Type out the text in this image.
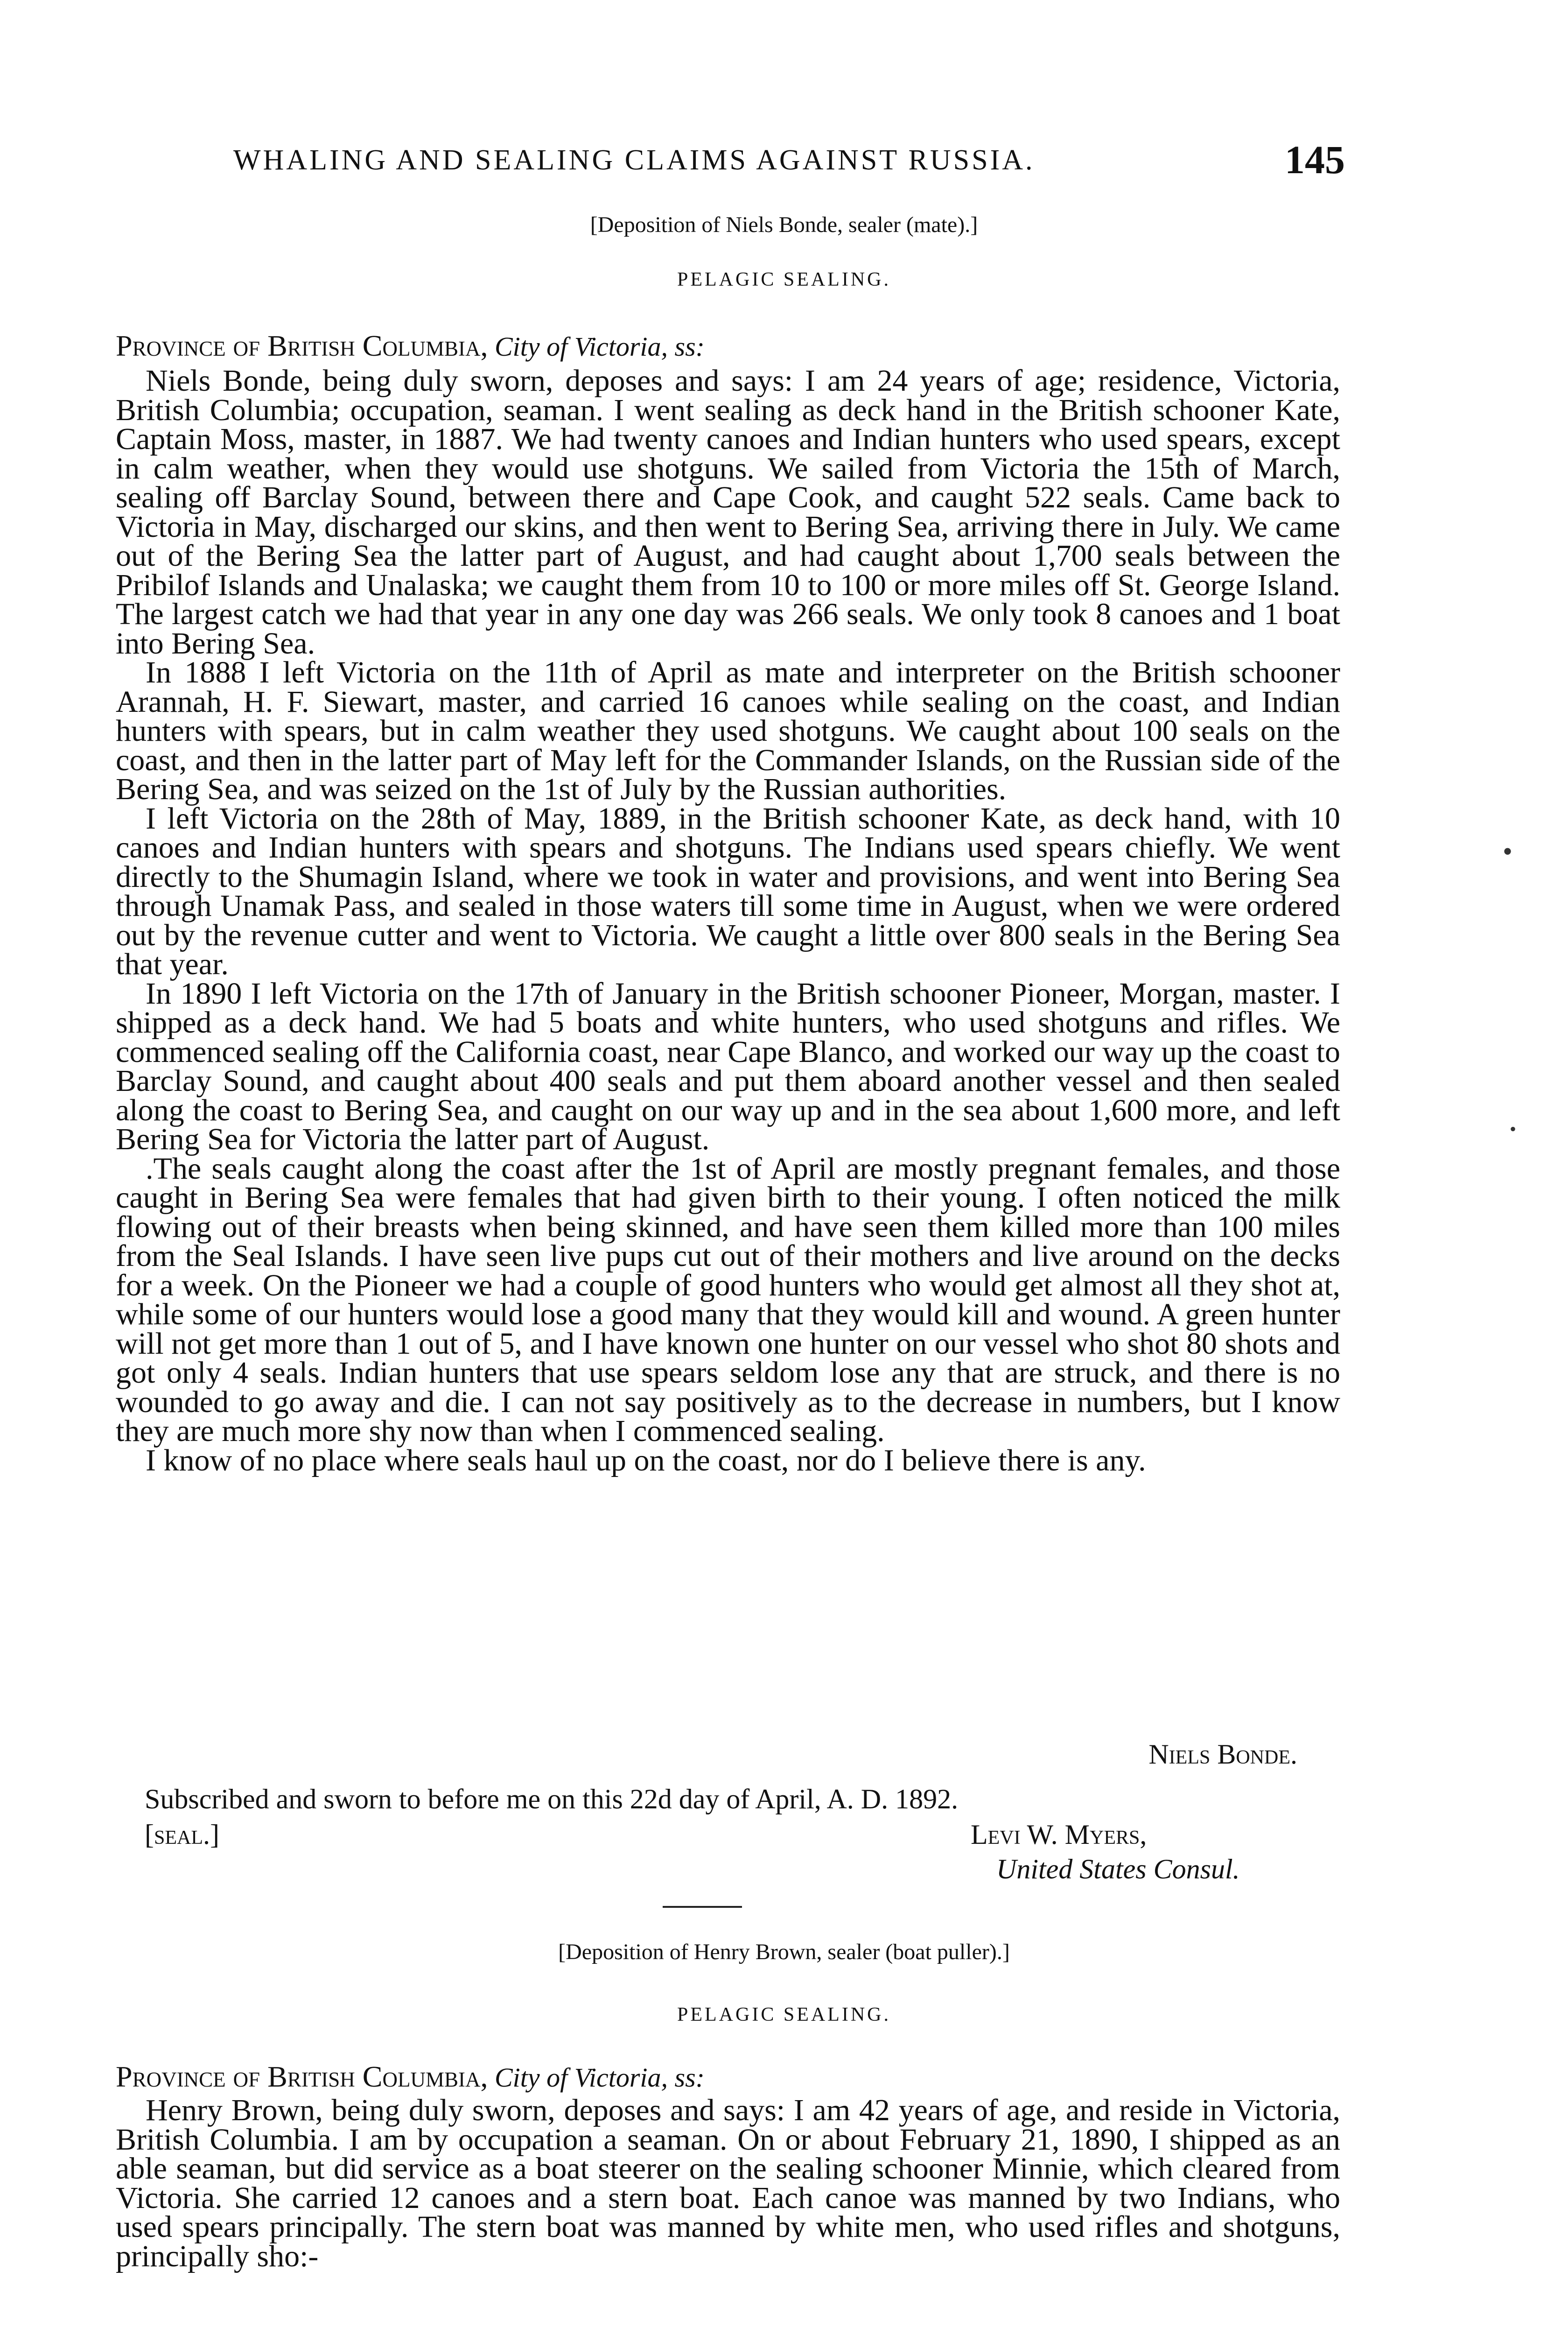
WHALING AND SEALING CLAIMS AGAINST RUSSIA.	145
[Deposition of Niels Bonde, sealer (mate).]
PELAGIC SEALING.
Province of British Columbia, City of Victoria, ss:

Niels Bonde, being duly sworn, deposes and says: I am 24 years of age; residence, Victoria, British Columbia; occupation, seaman. I went sealing as deck hand in the British schooner Kate, Captain Moss, master, in 1887. We had twenty canoes and Indian hunters who used spears, except in calm weather, when they would use shotguns. We sailed from Victoria the 15th of March, sealing off Barclay Sound, between there and Cape Cook, and caught 522 seals. Came back to Victoria in May, discharged our skins, and then went to Bering Sea, arriving there in July. We came out of the Bering Sea the latter part of August, and had caught about 1,700 seals between the Pribilof Islands and Unalaska; we caught them from 10 to 100 or more miles off St. George Island. The largest catch we had that year in any one day was 266 seals. We only took 8 canoes and 1 boat into Bering Sea.

In 1888 I left Victoria on the 11th of April as mate and interpreter on the British schooner Arannah, H. F. Siewart, master, and carried 16 canoes while sealing on the coast, and Indian hunters with spears, but in calm weather they used shotguns. We caught about 100 seals on the coast, and then in the latter part of May left for the Commander Islands, on the Russian side of the Bering Sea, and was seized on the 1st of July by the Russian authorities.

I left Victoria on the 28th of May, 1889, in the British schooner Kate, as deck hand, with 10 canoes and Indian hunters with spears and shotguns. The Indians used spears chiefly. We went directly to the Shumagin Island, where we took in water and provisions, and went into Bering Sea through Unamak Pass, and sealed in those waters till some time in August, when we were ordered out by the revenue cutter and went to Victoria. We caught a little over 800 seals in the Bering Sea that year.

In 1890 I left Victoria on the 17th of January in the British schooner Pioneer, Morgan, master. I shipped as a deck hand. We had 5 boats and white hunters, who used shotguns and rifles. We commenced sealing off the California coast, near Cape Blanco, and worked our way up the coast to Barclay Sound, and caught about 400 seals and put them aboard another vessel and then sealed along the coast to Bering Sea, and caught on our way up and in the sea about 1,600 more, and left Bering Sea for Victoria the latter part of August.

.The seals caught along the coast after the 1st of April are mostly pregnant females, and those caught in Bering Sea were females that had given birth to their young. I often noticed the milk flowing out of their breasts when being skinned, and have seen them killed more than 100 miles from the Seal Islands. I have seen live pups cut out of their mothers and live around on the decks for a week. On the Pioneer we had a couple of good hunters who would get almost all they shot at, while some of our hunters would lose a good many that they would kill and wound. A green hunter will not get more than 1 out of 5, and I have known one hunter on our vessel who shot 80 shots and got only 4 seals. Indian hunters that use spears seldom lose any that are struck, and there is no wounded to go away and die. I can not say positively as to the decrease in numbers, but I know they are much more shy now than when I commenced sealing.

I know of no place where seals haul up on the coast, nor do I believe there is any.

Niels Bonde.
Subscribed and sworn to before me on this 22d day of April, A. D. 1892.
[seal.]	Levi W. Myers,
United States Consul.
[Deposition of Henry Brown, sealer (boat puller).]
PELAGIC SEALING.
Province of British Columbia, City of Victoria, ss:

Henry Brown, being duly sworn, deposes and says: I am 42 years of age, and reside in Victoria, British Columbia. I am by occupation a seaman. On or about February 21, 1890, I shipped as an able seaman, but did service as a boat steerer on the sealing schooner Minnie, which cleared from Victoria. She carried 12 canoes and a stern boat. Each canoe was manned by two Indians, who used spears principally. The stern boat was manned by white men, who used rifles and shotguns, principally sho:-

•
•
